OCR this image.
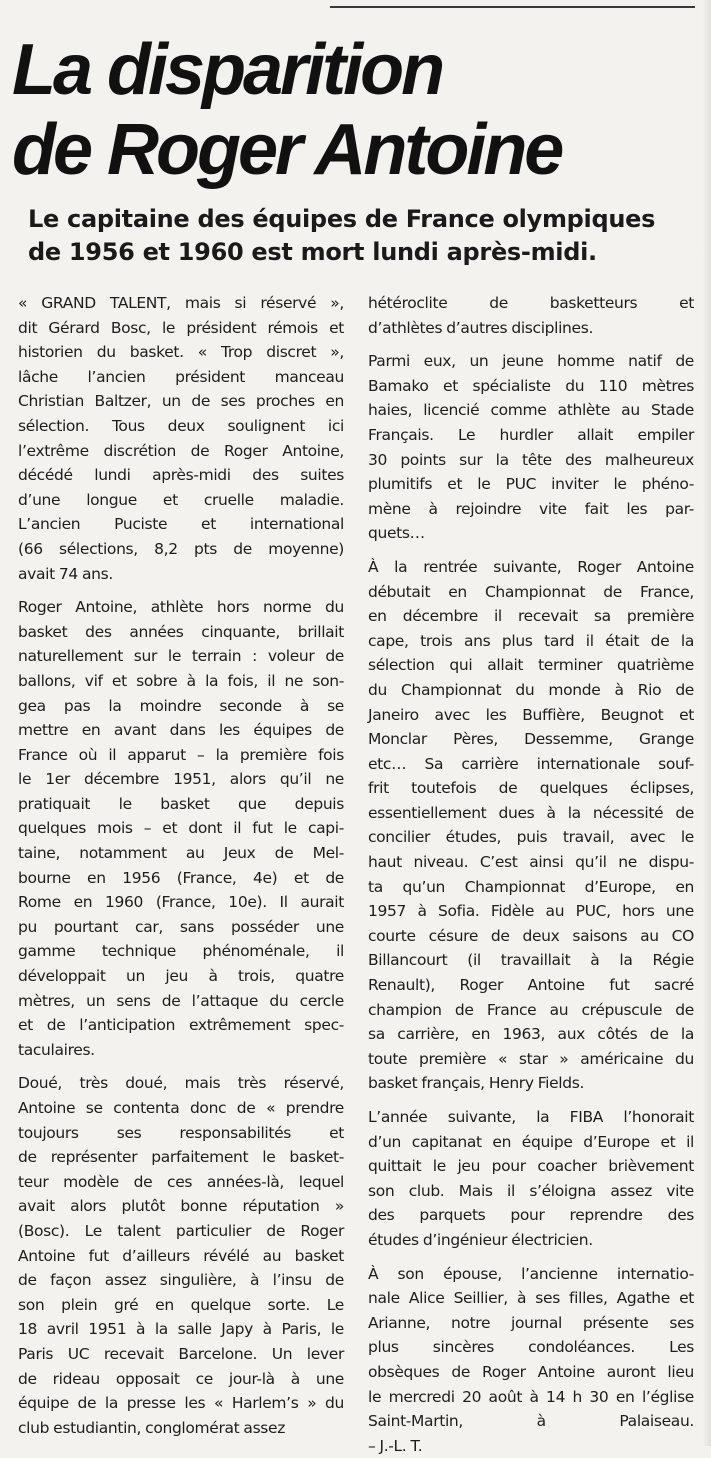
La disparition
de Roger Antoine
Le capitaine des équipes de France olympiques
de 1956 et 1960 est mort lundi après-midi.

« GRAND TALENT, mais si réservé »,
dit Gérard Bosc, le président rémois et
historien du basket. « Trop discret »,
lâche l’ancien président manceau
Christian Baltzer, un de ses proches en
sélection. Tous deux soulignent ici
l’extrême discrétion de Roger Antoine,
décédé lundi après-midi des suites
d’une longue et cruelle maladie.
L’ancien Puciste et international
(66 sélections, 8,2 pts de moyenne)
avait 74 ans.

Roger Antoine, athlète hors norme du
basket des années cinquante, brillait
naturellement sur le terrain : voleur de
ballons, vif et sobre à la fois, il ne son-
gea pas la moindre seconde à se
mettre en avant dans les équipes de
France où il apparut – la première fois
le 1er décembre 1951, alors qu’il ne
pratiquait le basket que depuis
quelques mois – et dont il fut le capi-
taine, notamment au Jeux de Mel-
bourne en 1956 (France, 4e) et de
Rome en 1960 (France, 10e). Il aurait
pu pourtant car, sans posséder une
gamme technique phénoménale, il
développait un jeu à trois, quatre
mètres, un sens de l’attaque du cercle
et de l’anticipation extrêmement spec-
taculaires.

Doué, très doué, mais très réservé,
Antoine se contenta donc de « prendre
toujours ses responsabilités et
de représenter parfaitement le basket-
teur modèle de ces années-là, lequel
avait alors plutôt bonne réputation »
(Bosc). Le talent particulier de Roger
Antoine fut d’ailleurs révélé au basket
de façon assez singulière, à l’insu de
son plein gré en quelque sorte. Le
18 avril 1951 à la salle Japy à Paris, le
Paris UC recevait Barcelone. Un lever
de rideau opposait ce jour-là à une
équipe de la presse les « Harlem’s » du
club estudiantin, conglomérat assez

hétéroclite de basketteurs et
d’athlètes d’autres disciplines.

Parmi eux, un jeune homme natif de
Bamako et spécialiste du 110 mètres
haies, licencié comme athlète au Stade
Français. Le hurdler allait empiler
30 points sur la tête des malheureux
plumitifs et le PUC inviter le phéno-
mène à rejoindre vite fait les par-
quets…

À la rentrée suivante, Roger Antoine
débutait en Championnat de France,
en décembre il recevait sa première
cape, trois ans plus tard il était de la
sélection qui allait terminer quatrième
du Championnat du monde à Rio de
Janeiro avec les Buffière, Beugnot et
Monclar Pères, Dessemme, Grange
etc… Sa carrière internationale souf-
frit toutefois de quelques éclipses,
essentiellement dues à la nécessité de
concilier études, puis travail, avec le
haut niveau. C’est ainsi qu’il ne dispu-
ta qu’un Championnat d’Europe, en
1957 à Sofia. Fidèle au PUC, hors une
courte césure de deux saisons au CO
Billancourt (il travaillait à la Régie
Renault), Roger Antoine fut sacré
champion de France au crépuscule de
sa carrière, en 1963, aux côtés de la
toute première « star » américaine du
basket français, Henry Fields.

L’année suivante, la FIBA l’honorait
d’un capitanat en équipe d’Europe et il
quittait le jeu pour coacher brièvement
son club. Mais il s’éloigna assez vite
des parquets pour reprendre des
études d’ingénieur électricien.

À son épouse, l’ancienne internatio-
nale Alice Seillier, à ses filles, Agathe et
Arianne, notre journal présente ses
plus sincères condoléances. Les
obsèques de Roger Antoine auront lieu
le mercredi 20 août à 14 h 30 en l’église
Saint-Martin, à Palaiseau.
– J.-L. T.
